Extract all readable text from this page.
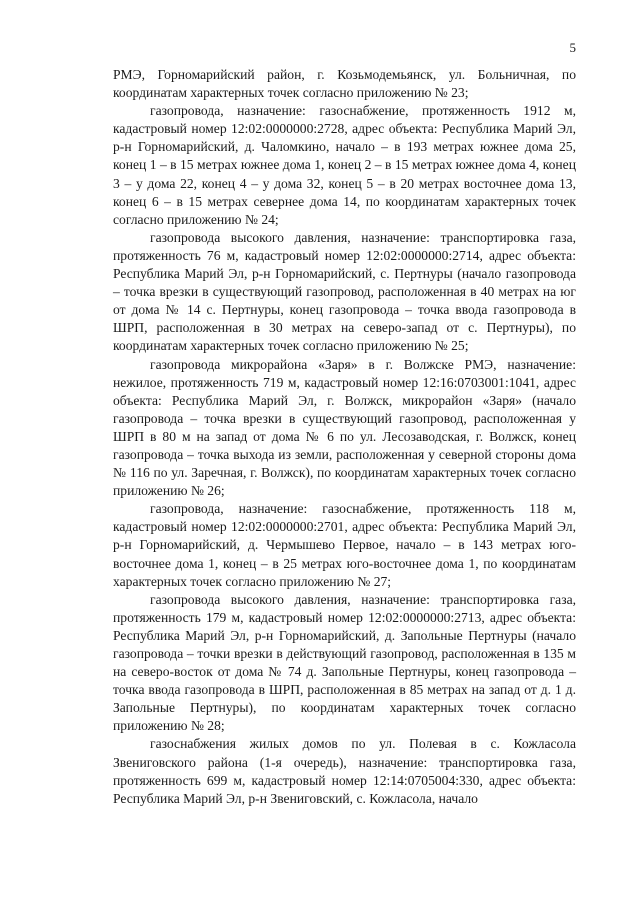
5

РМЭ, Горномарийский район, г. Козьмодемьянск, ул. Больничная, по координатам характерных точек согласно приложению № 23;

газопровода, назначение: газоснабжение, протяженность 1912 м, кадастровый номер 12:02:0000000:2728, адрес объекта: Республика Марий Эл, р-н Горномарийский, д. Чаломкино, начало – в 193 метрах южнее дома 25, конец 1 – в 15 метрах южнее дома 1, конец 2 – в 15 метрах южнее дома 4, конец 3 – у дома 22, конец 4 – у дома 32, конец 5 – в 20 метрах восточнее дома 13, конец 6 – в 15 метрах севернее дома 14, по координатам характерных точек согласно приложению № 24;

газопровода высокого давления, назначение: транспортировка газа, протяженность 76 м, кадастровый номер 12:02:0000000:2714, адрес объекта: Республика Марий Эл, р-н Горномарийский, с. Пертнуры (начало газопровода – точка врезки в существующий газопровод, расположенная в 40 метрах на юг от дома № 14 с. Пертнуры, конец газопровода – точка ввода газопровода в ШРП, расположенная в 30 метрах на северо-запад от с. Пертнуры), по координатам характерных точек согласно приложению № 25;

газопровода микрорайона «Заря» в г. Волжске РМЭ, назначение: нежилое, протяженность 719 м, кадастровый номер 12:16:0703001:1041, адрес объекта: Республика Марий Эл, г. Волжск, микрорайон «Заря» (начало газопровода – точка врезки в существующий газопровод, расположенная у ШРП в 80 м на запад от дома № 6 по ул. Лесозаводская, г. Волжск, конец газопровода – точка выхода из земли, расположенная у северной стороны дома № 116 по ул. Заречная, г. Волжск), по координатам характерных точек согласно приложению № 26;

газопровода, назначение: газоснабжение, протяженность 118 м, кадастровый номер 12:02:0000000:2701, адрес объекта: Республика Марий Эл, р-н Горномарийский, д. Чермышево Первое, начало – в 143 метрах юго-восточнее дома 1, конец – в 25 метрах юго-восточнее дома 1, по координатам характерных точек согласно приложению № 27;

газопровода высокого давления, назначение: транспортировка газа, протяженность 179 м, кадастровый номер 12:02:0000000:2713, адрес объекта: Республика Марий Эл, р-н Горномарийский, д. Запольные Пертнуры (начало газопровода – точки врезки в действующий газопровод, расположенная в 135 м на северо-восток от дома № 74 д. Запольные Пертнуры, конец газопровода – точка ввода газопровода в ШРП, расположенная в 85 метрах на запад от д. 1 д. Запольные Пертнуры), по координатам характерных точек согласно приложению № 28;

газоснабжения жилых домов по ул. Полевая в с. Кожласола Звениговского района (1-я очередь), назначение: транспортировка газа, протяженность 699 м, кадастровый номер 12:14:0705004:330, адрес объекта: Республика Марий Эл, р-н Звениговский, с. Кожласола, начало
